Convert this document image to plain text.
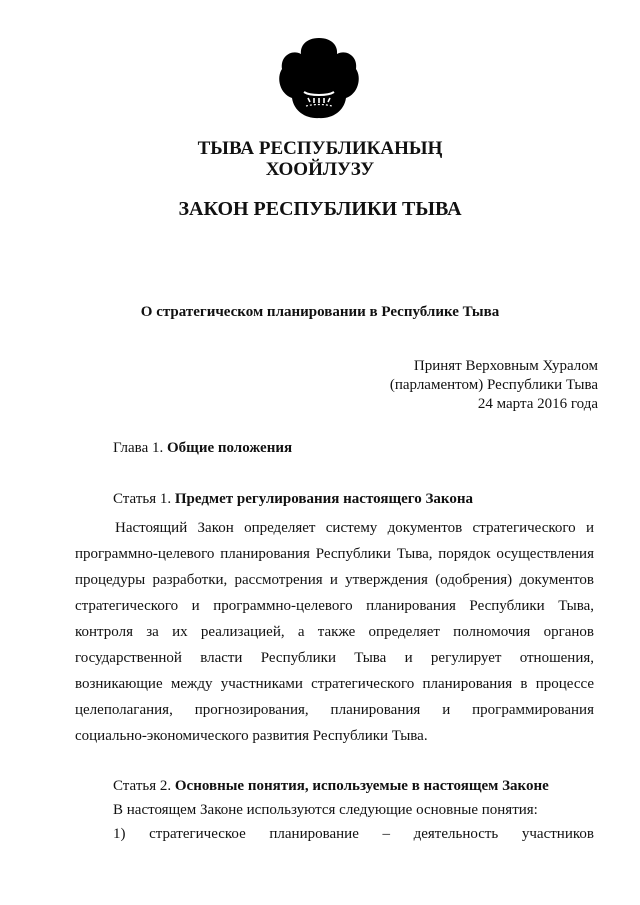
ТЫВА РЕСПУБЛИКАНЫҢ
ХООЙЛУЗУ
ЗАКОН РЕСПУБЛИКИ ТЫВА
О стратегическом планировании в Республике Тыва
Принят Верховным Хуралом
(парламентом) Республики Тыва
24 марта 2016 года
Глава 1. Общие положения
Статья 1. Предмет регулирования настоящего Закона
Настоящий Закон определяет систему документов стратегического и
программно-целевого планирования Республики Тыва, порядок осуществления
процедуры разработки, рассмотрения и утверждения (одобрения) документов
стратегического и программно-целевого планирования Республики Тыва,
контроля за их реализацией, а также определяет полномочия органов
государственной власти Республики Тыва и регулирует отношения,
возникающие между участниками стратегического планирования в процессе
целеполагания, прогнозирования, планирования и программирования
социально-экономического развития Республики Тыва.
Статья 2. Основные понятия, используемые в настоящем Законе
В настоящем Законе используются следующие основные понятия:
1) стратегическое планирование – деятельность участников
